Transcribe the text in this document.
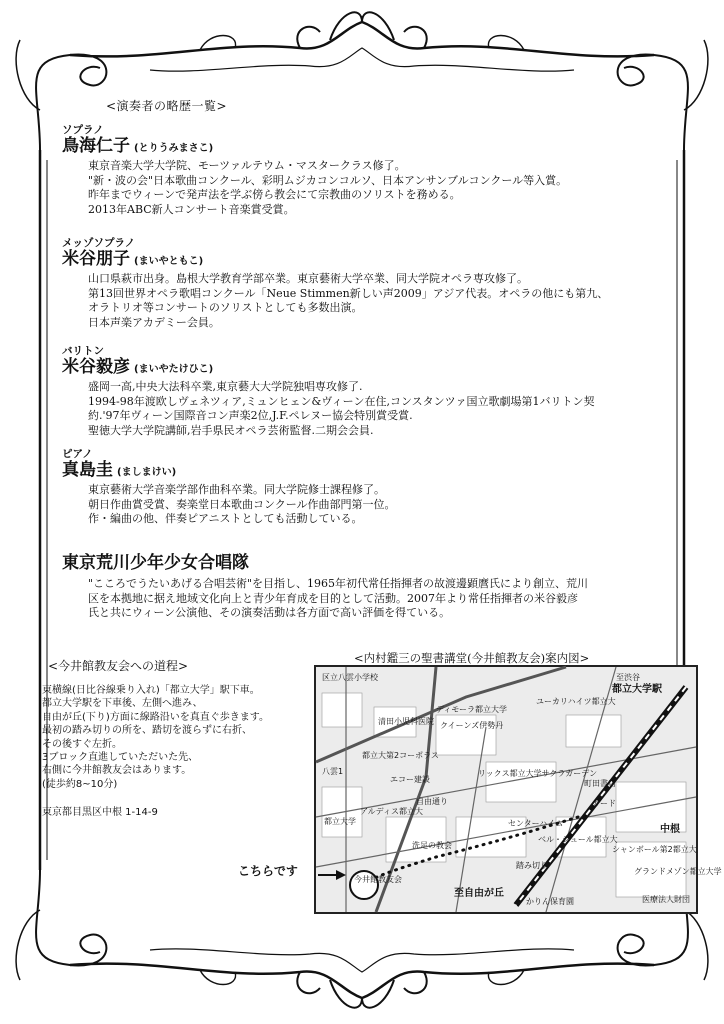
<演奏者の略歴一覧>
ソプラノ
鳥海仁子 (とりうみまさこ)
東京音楽大学大学院、モーツァルテウム・マスタークラス修了。
"新・波の会"日本歌曲コンクール、彩明ムジカコンコルソ、日本アンサンブルコンクール等入賞。
昨年までウィーンで発声法を学ぶ傍ら教会にて宗教曲のソリストを務める。
2013年ABC新人コンサート音楽賞受賞。
メッゾソプラノ
米谷朋子 (まいやともこ)
山口県萩市出身。島根大学教育学部卒業。東京藝術大学卒業、同大学院オペラ専攻修了。
第13回世界オペラ歌唱コンクール「Neue Stimmen新しい声2009」アジア代表。オペラの他にも第九、
オラトリオ等コンサートのソリストとしても多数出演。
日本声楽アカデミー会員。
バリトン
米谷毅彦 (まいやたけひこ)
盛岡一高,中央大法科卒業,東京藝大大学院独唱専攻修了.
1994-98年渡欧しヴェネツィア,ミュンヒェン&ヴィーン在住,コンスタンツァ国立歌劇場第1バリトン契
約.'97年ヴィーン国際音コン声楽2位,J.F.ペレヌー協会特別賞受賞.
聖徳大学大学院講師,岩手県民オペラ芸術監督.二期会会員.
ピアノ
真島圭 (ましまけい)
東京藝術大学音楽学部作曲科卒業。同大学院修士課程修了。
朝日作曲賞受賞、奏楽堂日本歌曲コンクール作曲部門第一位。
作・編曲の他、伴奏ピアニストとしても活動している。
東京荒川少年少女合唱隊
"こころでうたいあげる合唱芸術"を目指し、1965年初代常任指揮者の故渡邊顕麿氏により創立、荒川
区を本拠地に据え地域文化向上と青少年育成を目的として活動。2007年より常任指揮者の米谷毅彦
氏と共にウィーン公演他、その演奏活動は各方面で高い評価を得ている。
<今井館教友会への道程>
東横線(日比谷線乗り入れ)「都立大学」駅下車。
都立大学駅を下車後、左側へ進み、
自由が丘(下り)方面に線路沿いを真直ぐ歩きます。
最初の踏み切りの所を、踏切を渡らずに右折、
その後すぐ左折。
3ブロック直進していただいた先、
右側に今井館教友会はあります。
(徒歩約8~10分)
東京都目黒区中根 1-14-9
<内村鑑三の聖書講堂(今井館教友会)案内図>
区立八雲小学校
ディモーラ都立大学
ユーカリハイツ都立大
至渋谷
都立大学駅
清田小児科医院 クイーンズ伊勢丹
都立大第2コーポラス
エコー建設
リックス都立大学サクラガーデン
八雲1
町田書店
ガード
センターハイム
都立大学
ベル・ジュール都立大
中根
シャンボール第2都立大
グランドメゾン都立大学
至自由が丘
かりん保育園	医療法人財団
今井館教友会
洗足の教会
踏み切り
自由通り
アルディス都立大
こちらです
